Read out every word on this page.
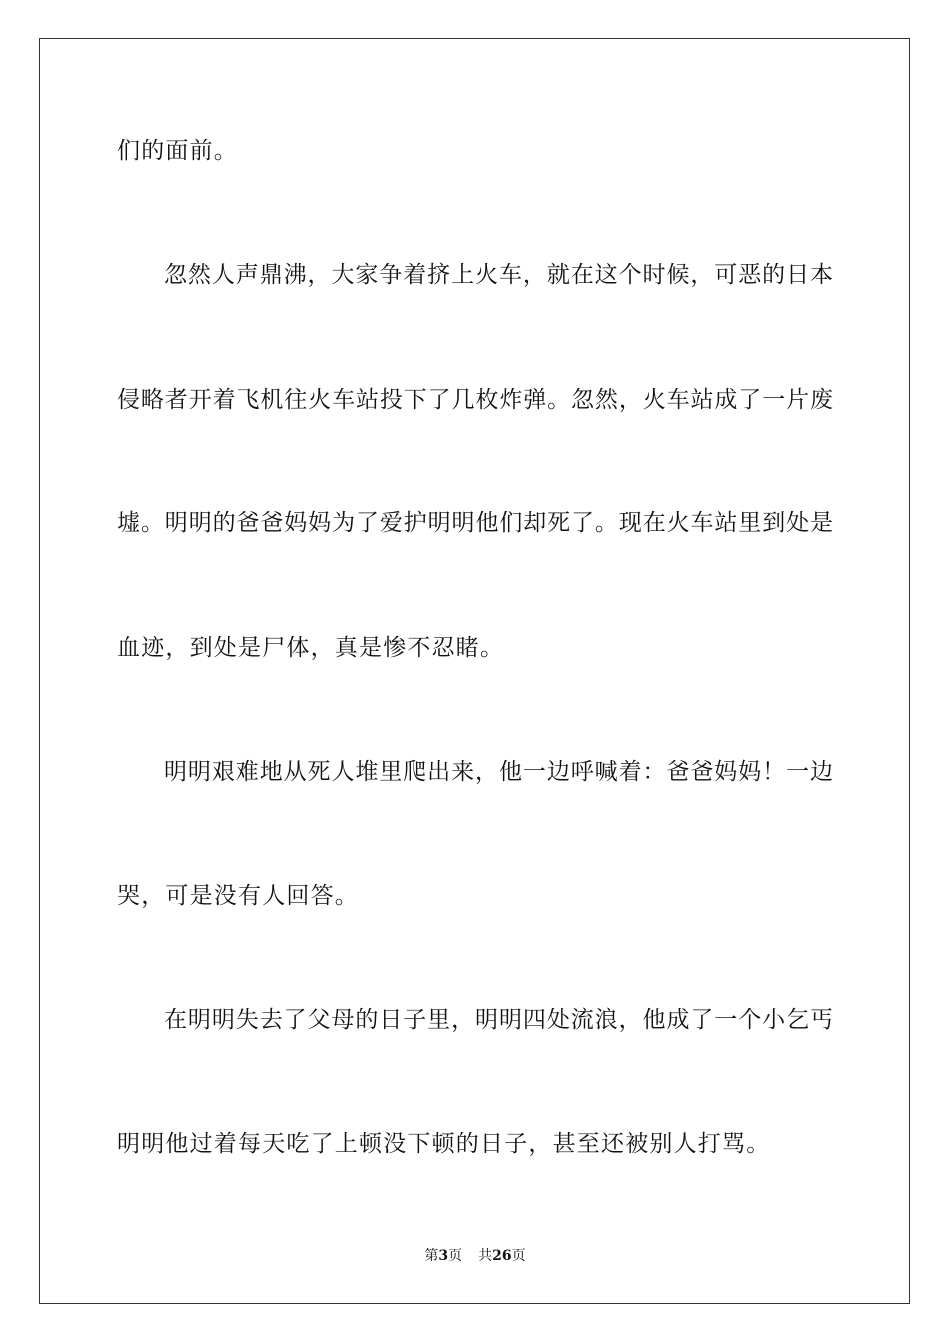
们的面前。
忽然人声鼎沸，大家争着挤上火车，就在这个时候，可恶的日本
侵略者开着飞机往火车站投下了几枚炸弹。忽然，火车站成了一片废
墟。明明的爸爸妈妈为了爱护明明他们却死了。现在火车站里到处是
血迹，到处是尸体，真是惨不忍睹。
明明艰难地从死人堆里爬出来，他一边呼喊着：爸爸妈妈！一边
哭，可是没有人回答。
在明明失去了父母的日子里，明明四处流浪，他成了一个小乞丐
明明他过着每天吃了上顿没下顿的日子，甚至还被别人打骂。
第3页 共26页
